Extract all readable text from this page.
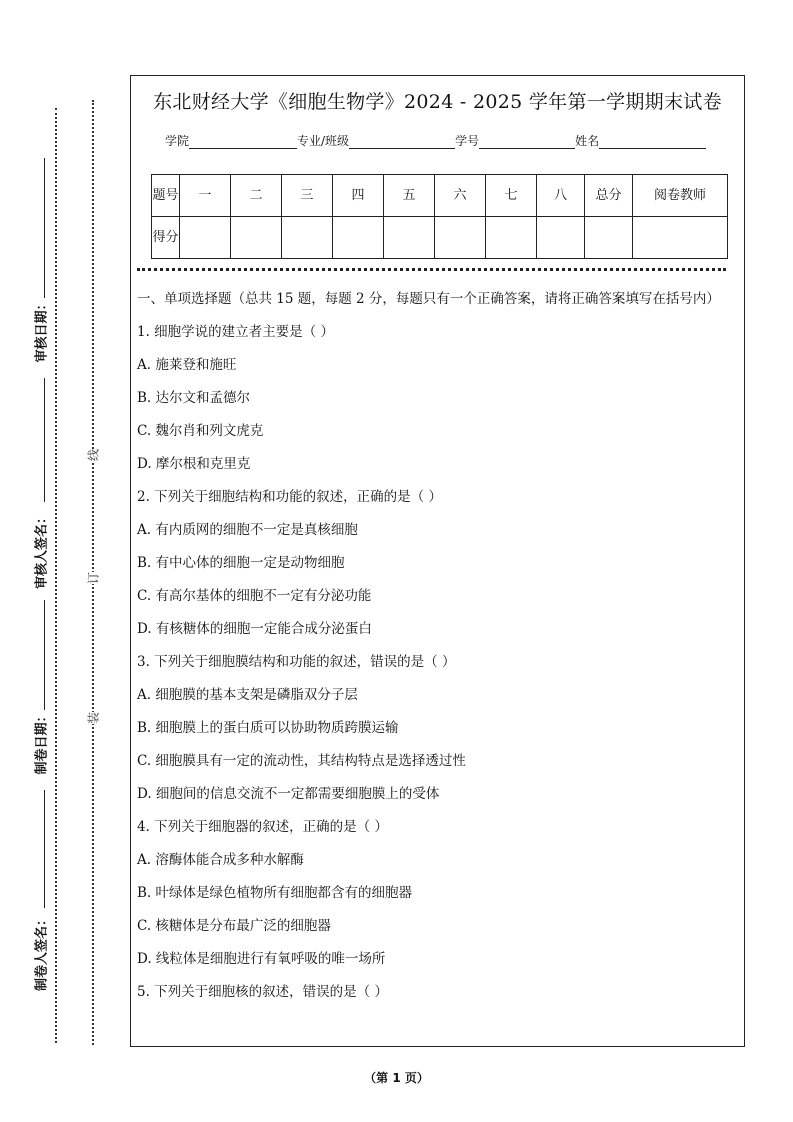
审核日期：
审核人签名：
制卷日期：
制卷人签名：
线
订
装
东北财经大学《细胞生物学》2024 - 2025 学年第一学期期末试卷
学院	专业/班级	学号	姓名
题号	一	二	三	四	五	六	七	八	总分	阅卷教师
得分										
一、单项选择题（总共 15 题，每题 2 分，每题只有一个正确答案，请将正确答案填写在括号内）
1. 细胞学说的建立者主要是（ ）
A. 施莱登和施旺
B. 达尔文和孟德尔
C. 魏尔肖和列文虎克
D. 摩尔根和克里克
2. 下列关于细胞结构和功能的叙述，正确的是（ ）
A. 有内质网的细胞不一定是真核细胞
B. 有中心体的细胞一定是动物细胞
C. 有高尔基体的细胞不一定有分泌功能
D. 有核糖体的细胞一定能合成分泌蛋白
3. 下列关于细胞膜结构和功能的叙述，错误的是（ ）
A. 细胞膜的基本支架是磷脂双分子层
B. 细胞膜上的蛋白质可以协助物质跨膜运输
C. 细胞膜具有一定的流动性，其结构特点是选择透过性
D. 细胞间的信息交流不一定都需要细胞膜上的受体
4. 下列关于细胞器的叙述，正确的是（ ）
A. 溶酶体能合成多种水解酶
B. 叶绿体是绿色植物所有细胞都含有的细胞器
C. 核糖体是分布最广泛的细胞器
D. 线粒体是细胞进行有氧呼吸的唯一场所
5. 下列关于细胞核的叙述，错误的是（ ）
（第 1 页）
